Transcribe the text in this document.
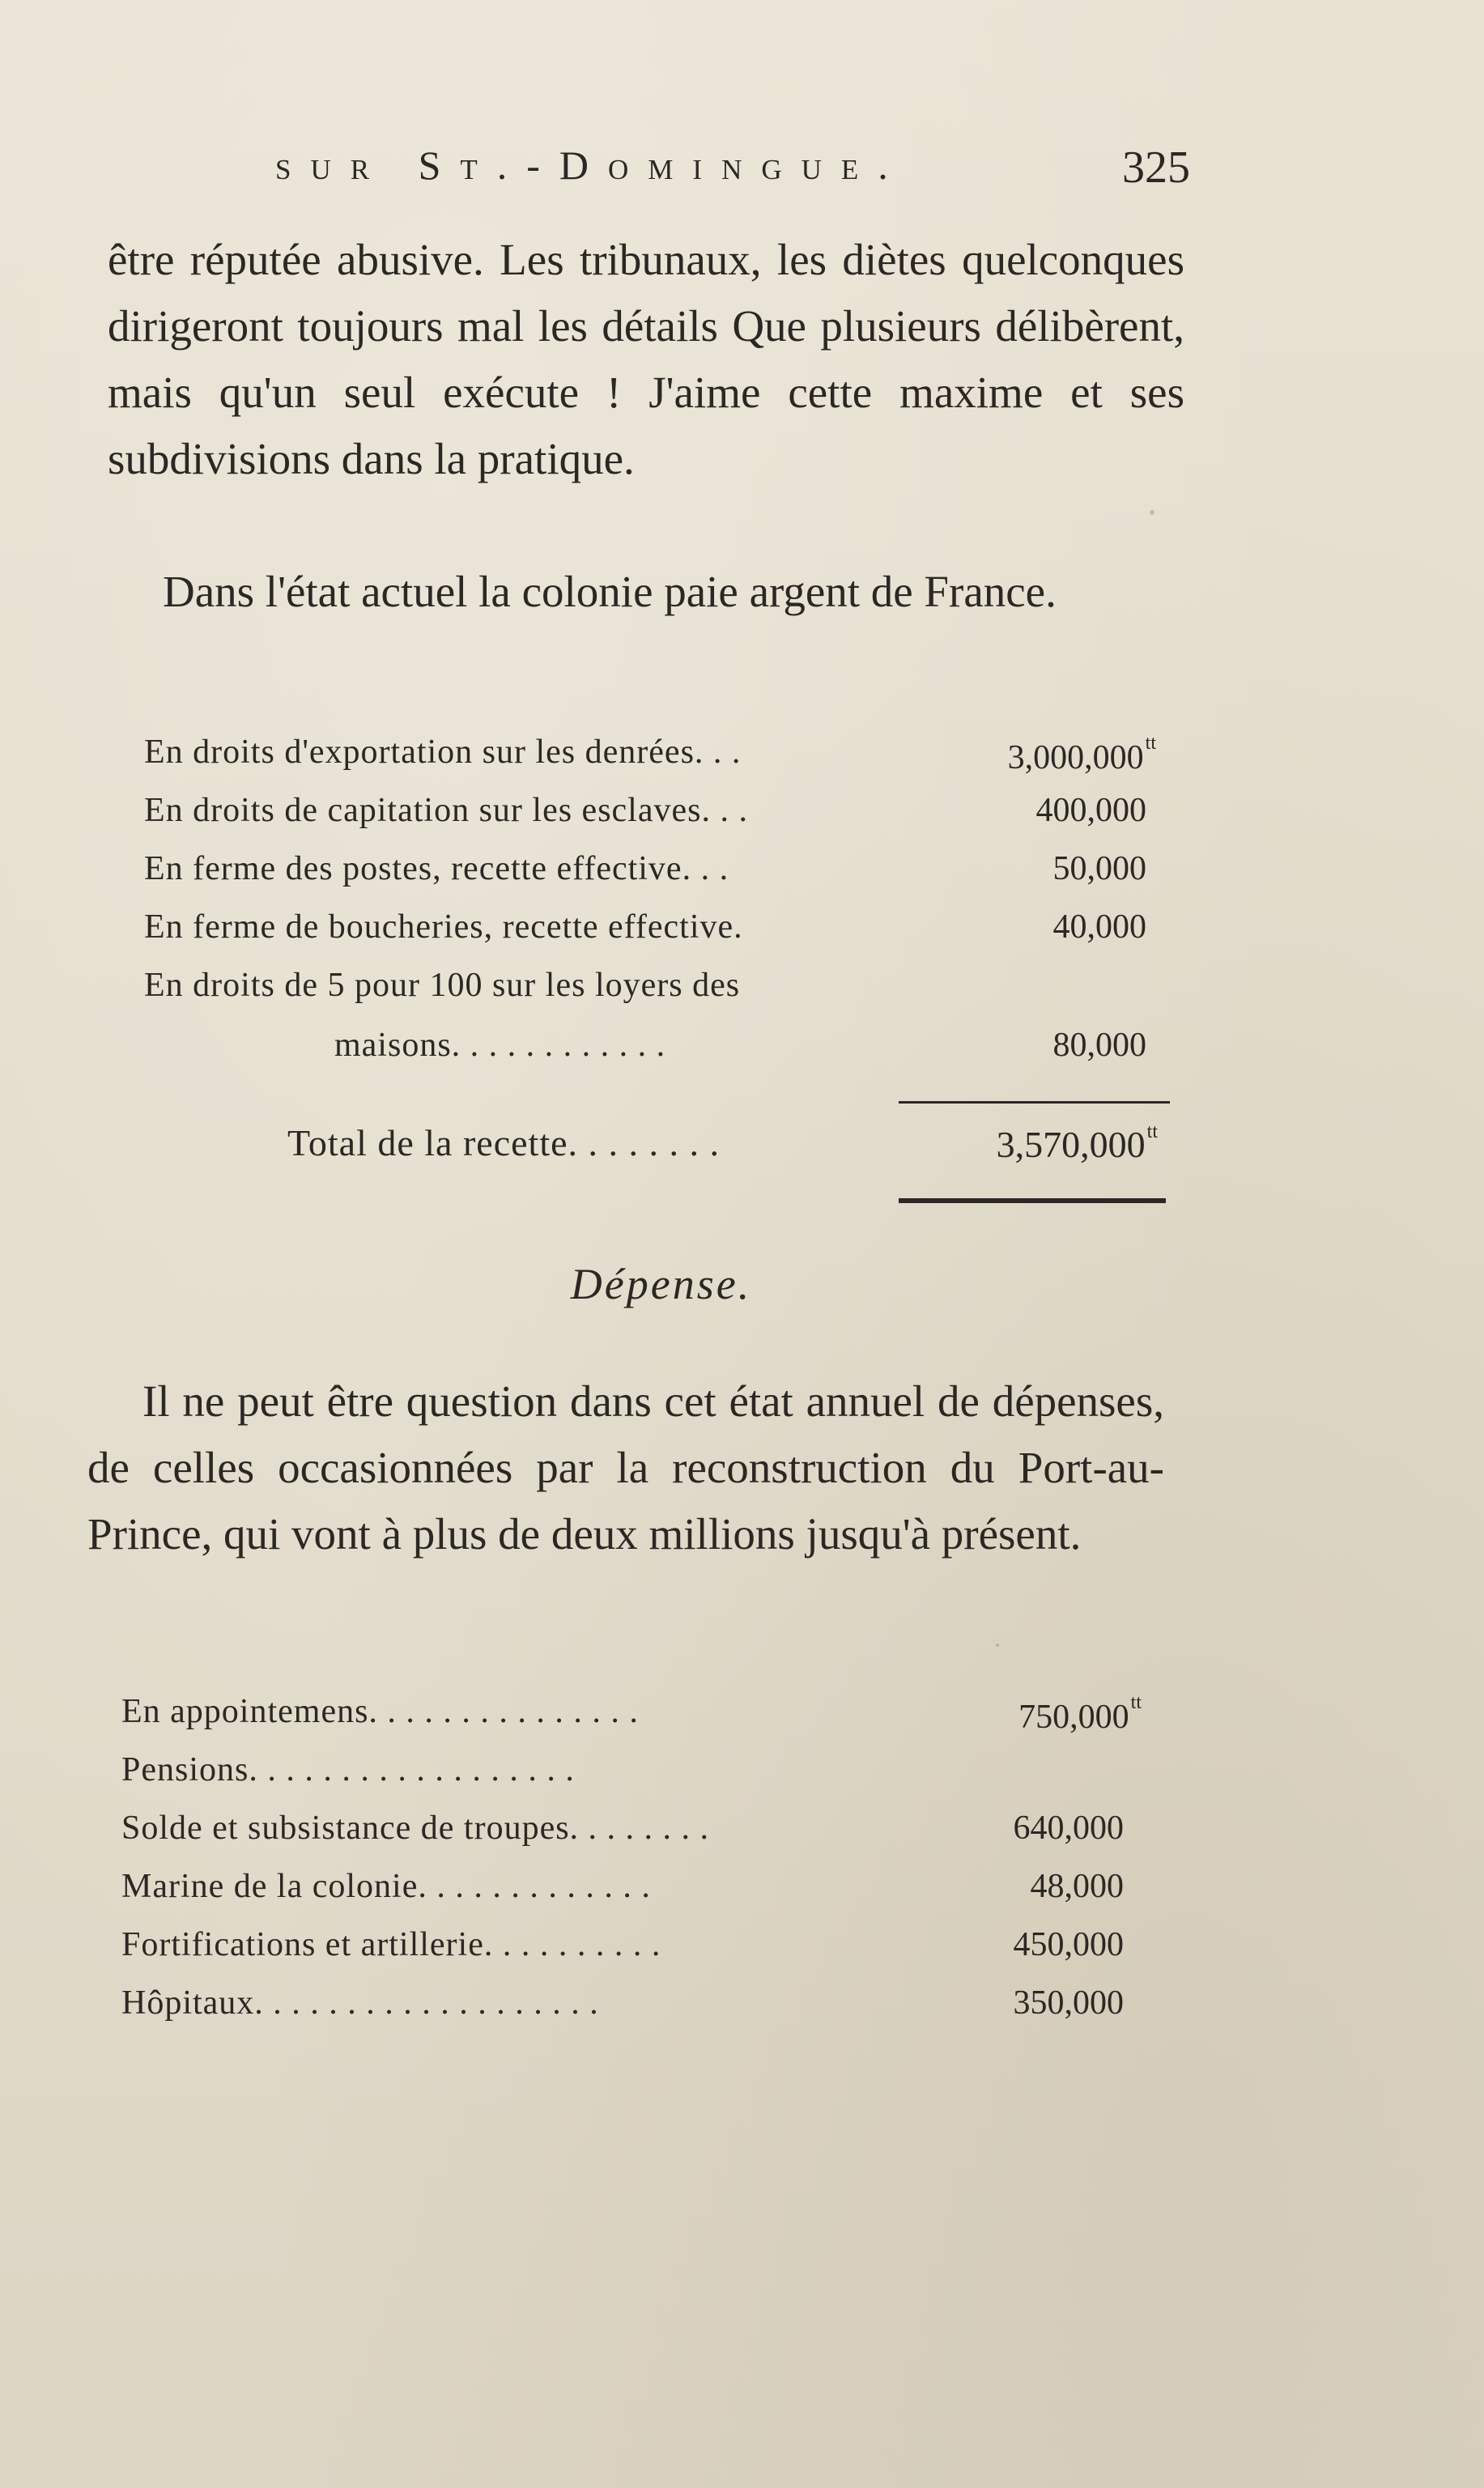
sur St.-Domingue.	325

être réputée abusive. Les tribunaux, les diètes quelconques dirigeront toujours mal les détails Que plusieurs délibèrent, mais qu'un seul exécute ! J'aime cette maxime et ses subdivisions dans la pratique.

Dans l'état actuel la colonie paie argent de France.

En droits d'exportation sur les denrées. . .	$3,000,000^{tt}$
En droits de capitation sur les esclaves. . .	400,000
En ferme des postes, recette effective. . .	50,000
En ferme de boucheries, recette effective.	40,000
En droits de 5 pour 100 sur les loyers des
maisons. . . . . . . . . . . .	80,000
Total de la recette. . . . . . . .	$3,570,000^{tt}$
Dépense.

Il ne peut être question dans cet état annuel de dépenses, de celles occasionnées par la reconstruction du Port-au-Prince, qui vont à plus de deux millions jusqu'à présent.

En appointemens. . . . . . . . . . . . . . .	$750,000^{tt}$
Pensions. . . . . . . . . . . . . . . . . .
Solde et subsistance de troupes. . . . . . . .	640,000
Marine de la colonie. . . . . . . . . . . . .	48,000
Fortifications et artillerie. . . . . . . . . .	450,000
Hôpitaux. . . . . . . . . . . . . . . . . . .	350,000
